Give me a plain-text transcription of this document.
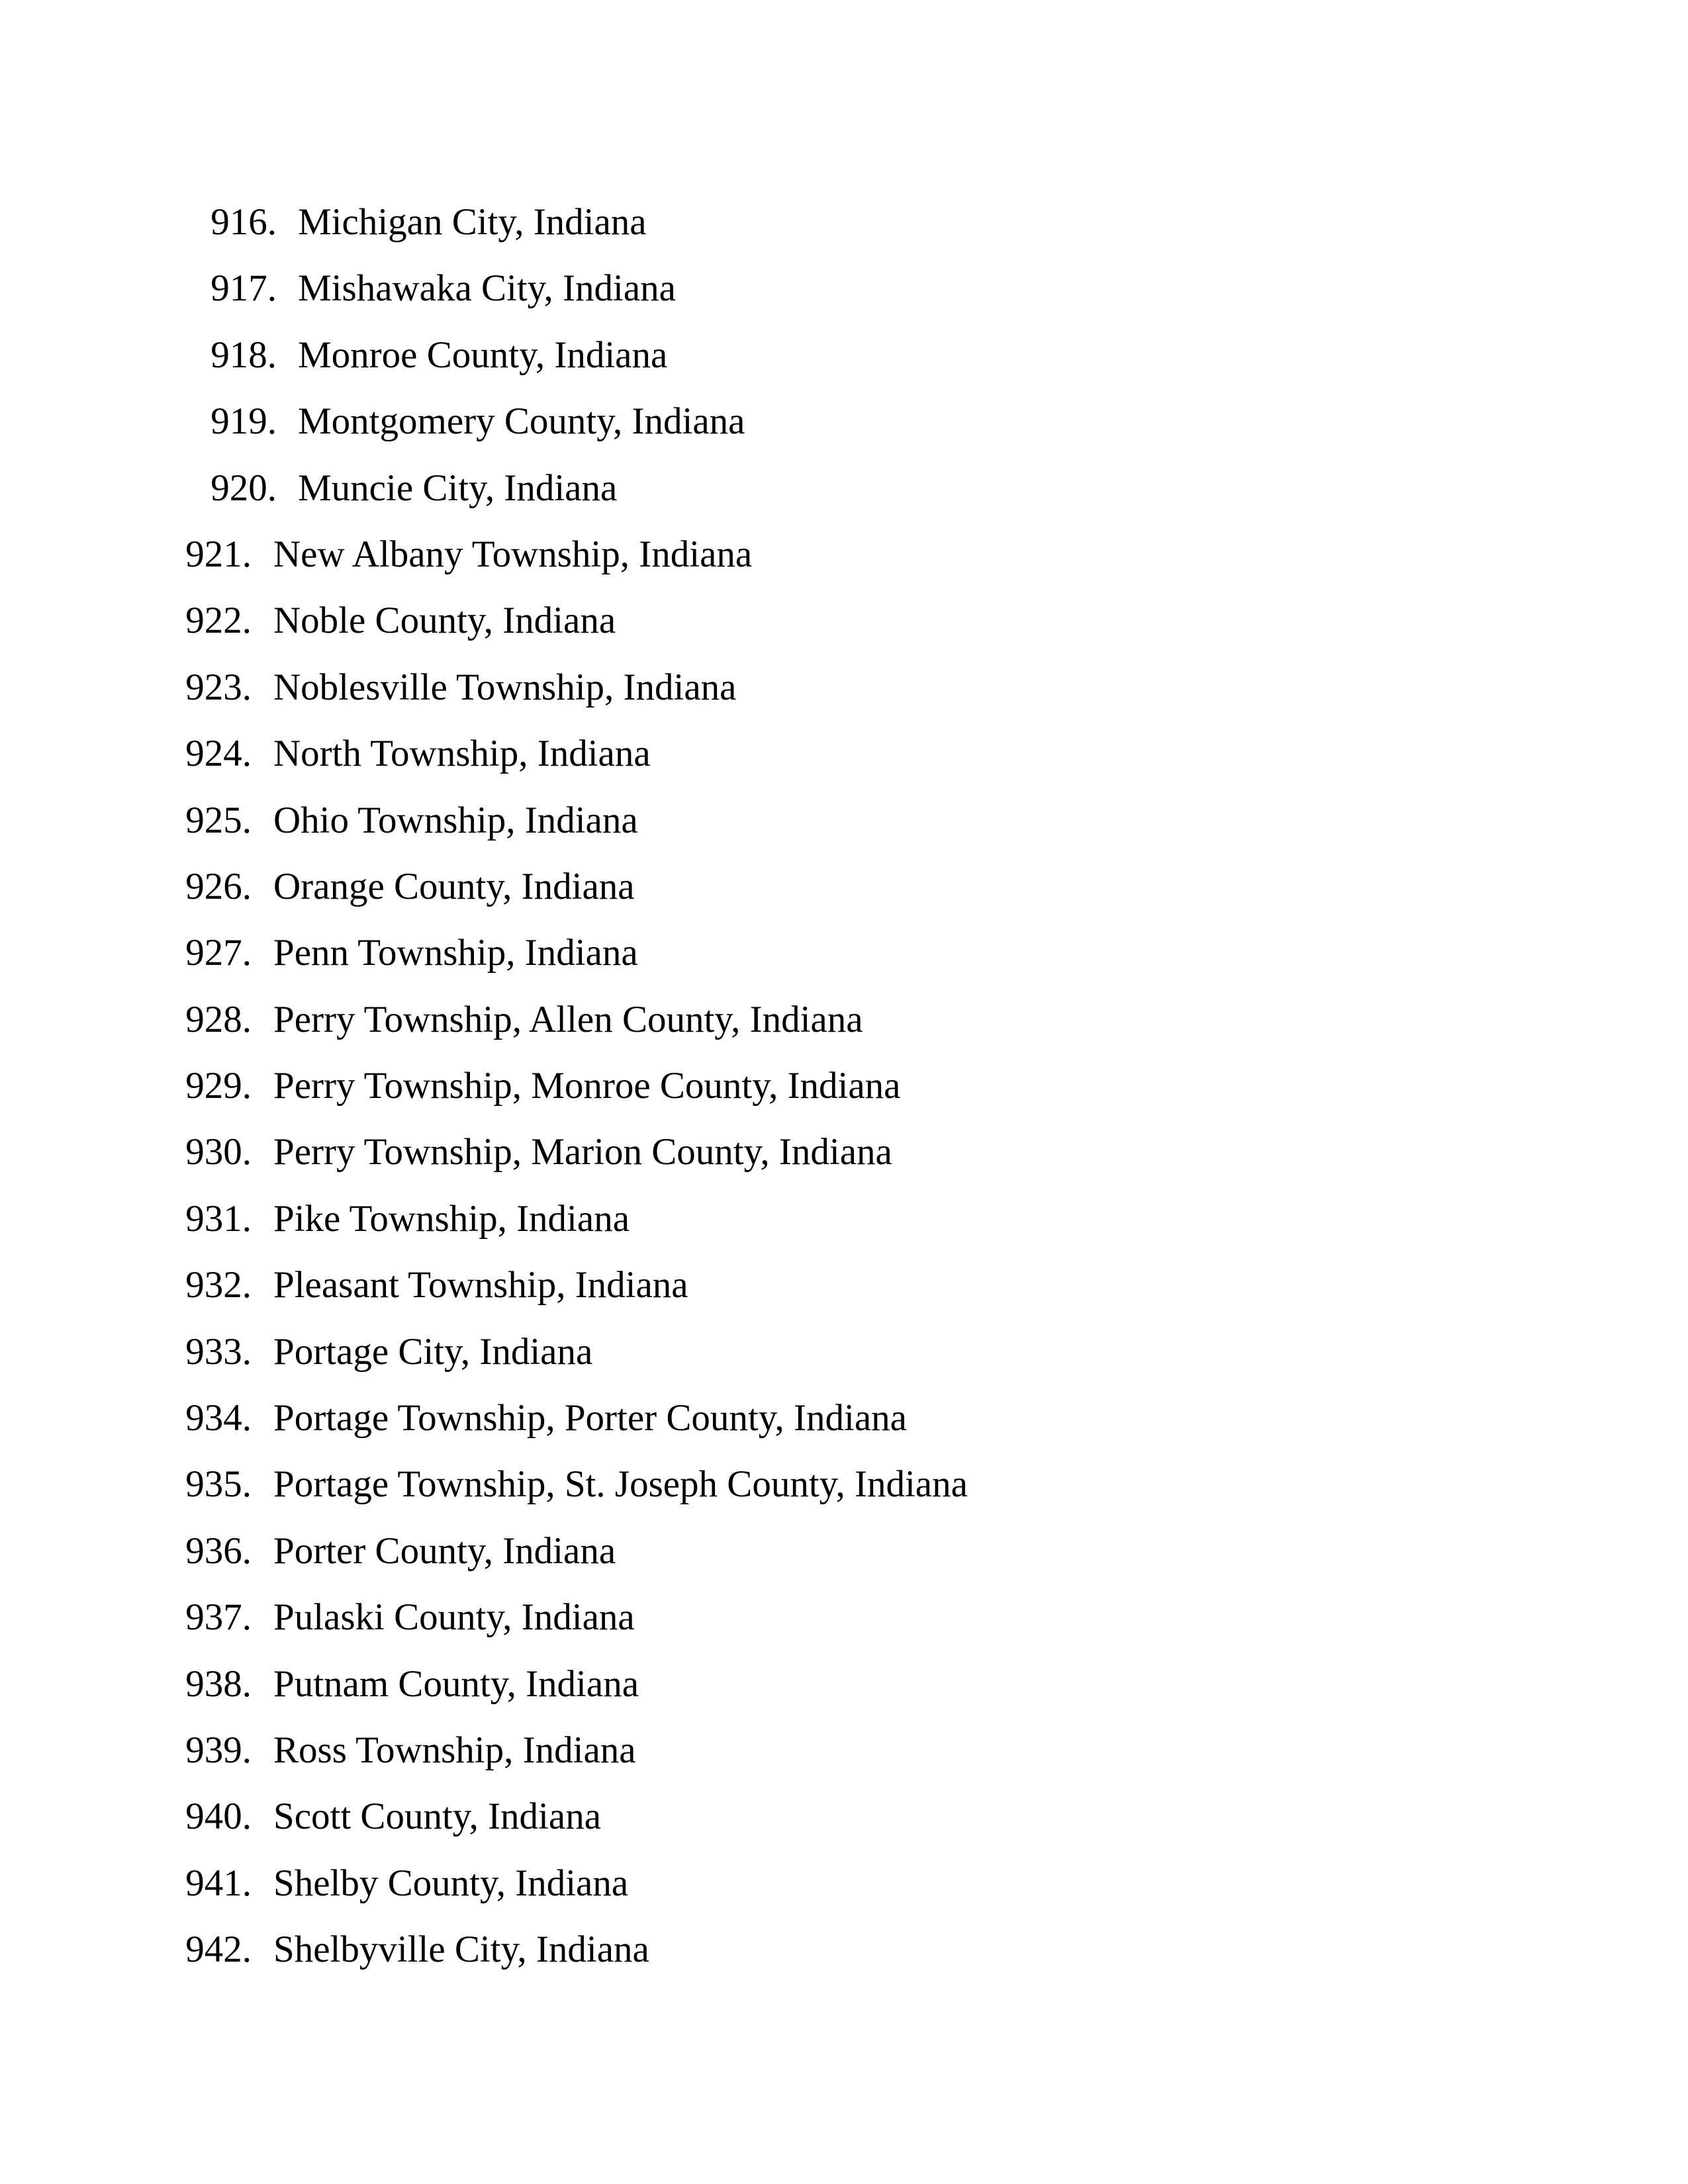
916. Michigan City, Indiana
917. Mishawaka City, Indiana
918. Monroe County, Indiana
919. Montgomery County, Indiana
920. Muncie City, Indiana
921. New Albany Township, Indiana
922. Noble County, Indiana
923. Noblesville Township, Indiana
924. North Township, Indiana
925. Ohio Township, Indiana
926. Orange County, Indiana
927. Penn Township, Indiana
928. Perry Township, Allen County, Indiana
929. Perry Township, Monroe County, Indiana
930. Perry Township, Marion County, Indiana
931. Pike Township, Indiana
932. Pleasant Township, Indiana
933. Portage City, Indiana
934. Portage Township, Porter County, Indiana
935. Portage Township, St. Joseph County, Indiana
936. Porter County, Indiana
937. Pulaski County, Indiana
938. Putnam County, Indiana
939. Ross Township, Indiana
940. Scott County, Indiana
941. Shelby County, Indiana
942. Shelbyville City, Indiana
